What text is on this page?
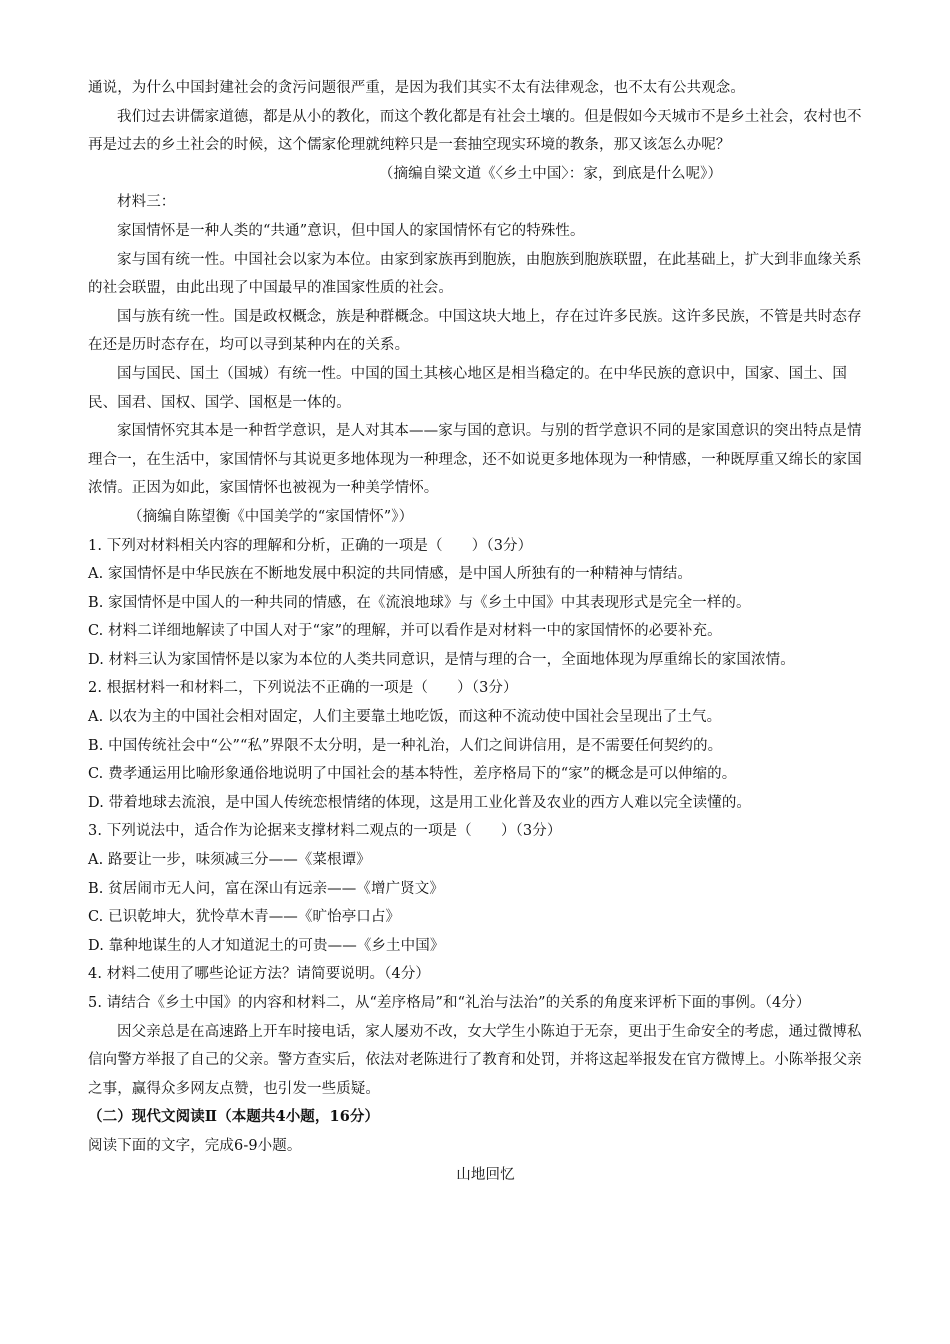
通说，为什么中国封建社会的贪污问题很严重，是因为我们其实不太有法律观念，也不太有公共观念。

我们过去讲儒家道德，都是从小的教化，而这个教化都是有社会土壤的。但是假如今天城市不是乡土社会，农村也不再是过去的乡土社会的时候，这个儒家伦理就纯粹只是一套抽空现实环境的教条，那又该怎么办呢？

（摘编自梁文道《〈乡土中国〉：家，到底是什么呢》）

材料三：

家国情怀是一种人类的“共通”意识，但中国人的家国情怀有它的特殊性。

家与国有统一性。中国社会以家为本位。由家到家族再到胞族，由胞族到胞族联盟，在此基础上，扩大到非血缘关系的社会联盟，由此出现了中国最早的准国家性质的社会。

国与族有统一性。国是政权概念，族是种群概念。中国这块大地上，存在过许多民族。这许多民族，不管是共时态存在还是历时态存在，均可以寻到某种内在的关系。

国与国民、国土（国城）有统一性。中国的国土其核心地区是相当稳定的。在中华民族的意识中，国家、国土、国民、国君、国权、国学、国枢是一体的。

家国情怀究其本是一种哲学意识，是人对其本——家与国的意识。与别的哲学意识不同的是家国意识的突出特点是情理合一，在生活中，家国情怀与其说更多地体现为一种理念，还不如说更多地体现为一种情感，一种既厚重又绵长的家国浓情。正因为如此，家国情怀也被视为一种美学情怀。

（摘编自陈望衡《中国美学的“家国情怀”》）

1. 下列对材料相关内容的理解和分析，正确的一项是（　　）（3分）

A. 家国情怀是中华民族在不断地发展中积淀的共同情感，是中国人所独有的一种精神与情结。

B. 家国情怀是中国人的一种共同的情感，在《流浪地球》与《乡土中国》中其表现形式是完全一样的。

C. 材料二详细地解读了中国人对于“家”的理解，并可以看作是对材料一中的家国情怀的必要补充。

D. 材料三认为家国情怀是以家为本位的人类共同意识，是情与理的合一，全面地体现为厚重绵长的家国浓情。

2. 根据材料一和材料二，下列说法不正确的一项是（　　）（3分）

A. 以农为主的中国社会相对固定，人们主要靠土地吃饭，而这种不流动使中国社会呈现出了土气。

B. 中国传统社会中“公”“私”界限不太分明，是一种礼治，人们之间讲信用，是不需要任何契约的。

C. 费孝通运用比喻形象通俗地说明了中国社会的基本特性，差序格局下的“家”的概念是可以伸缩的。

D. 带着地球去流浪，是中国人传统恋根情绪的体现，这是用工业化普及农业的西方人难以完全读懂的。

3. 下列说法中，适合作为论据来支撑材料二观点的一项是（　　）（3分）

A. 路要让一步，味须减三分——《菜根谭》

B. 贫居闹市无人问，富在深山有远亲——《增广贤文》

C. 已识乾坤大，犹怜草木青——《旷怡亭口占》

D. 靠种地谋生的人才知道泥土的可贵——《乡土中国》

4. 材料二使用了哪些论证方法？请简要说明。（4分）

5. 请结合《乡土中国》的内容和材料二，从“差序格局”和“礼治与法治”的关系的角度来评析下面的事例。（4分）

因父亲总是在高速路上开车时接电话，家人屡劝不改，女大学生小陈迫于无奈，更出于生命安全的考虑，通过微博私信向警方举报了自己的父亲。警方查实后，依法对老陈进行了教育和处罚，并将这起举报发在官方微博上。小陈举报父亲之事，赢得众多网友点赞，也引发一些质疑。

（二）现代文阅读Ⅱ（本题共4小题，16分）

阅读下面的文字，完成6-9小题。

山地回忆
